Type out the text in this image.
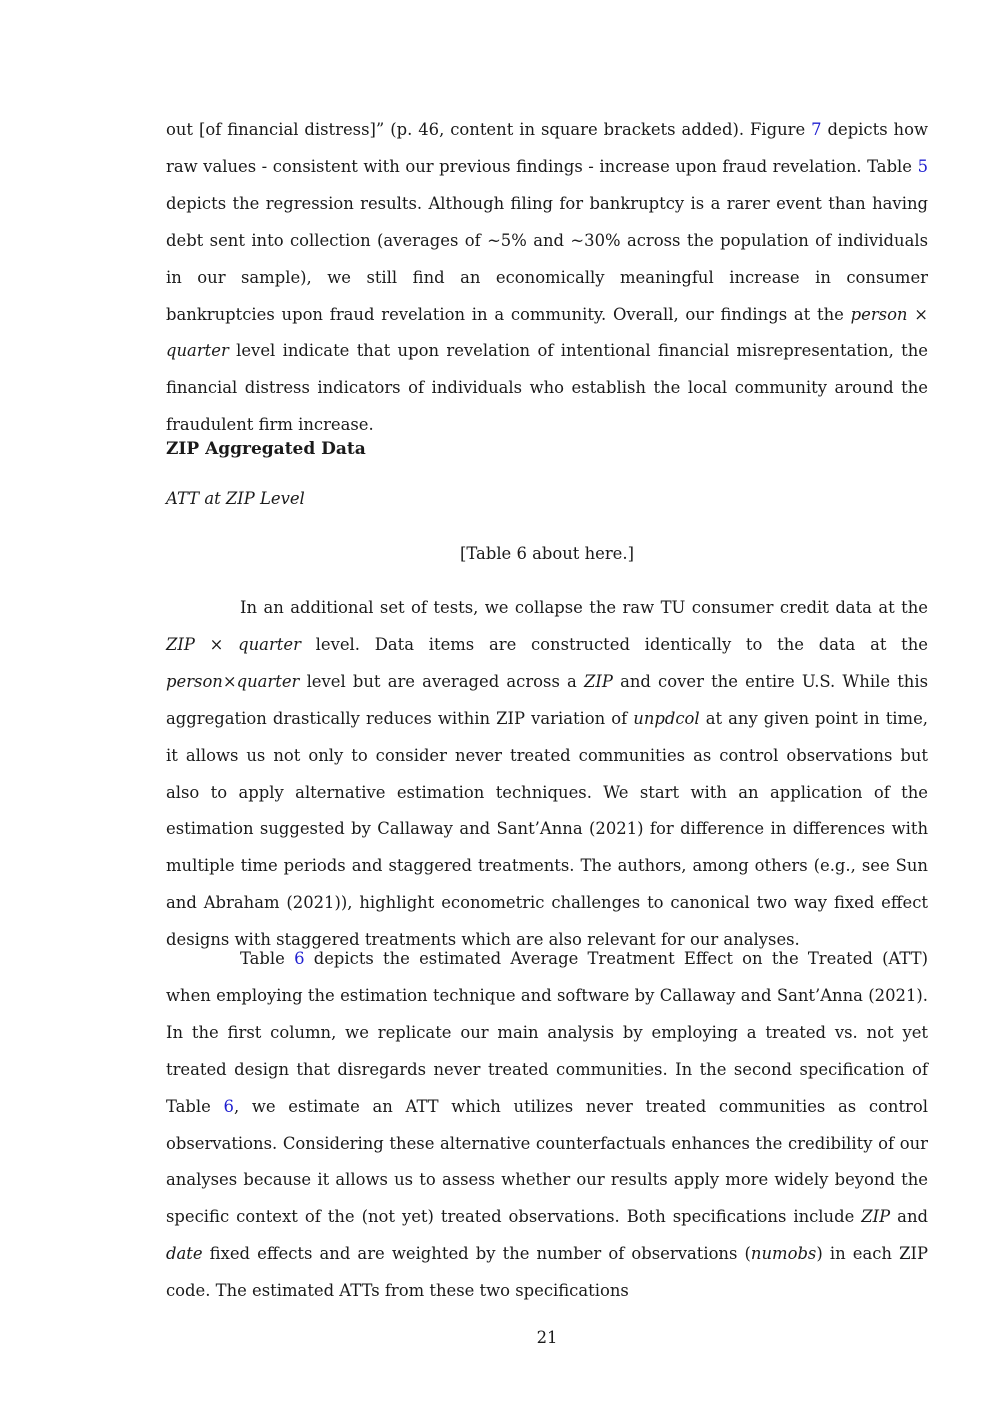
out [of financial distress]” (p. 46, content in square brackets added). Figure 7 depicts how raw values - consistent with our previous findings - increase upon fraud revelation. Table 5 depicts the regression results. Although filing for bankruptcy is a rarer event than having debt sent into collection (averages of ~5% and ~30% across the population of individuals in our sample), we still find an economically meaningful increase in consumer bankruptcies upon fraud revelation in a community. Overall, our findings at the person × quarter level indicate that upon revelation of intentional financial misrepresentation, the financial distress indicators of individuals who establish the local community around the fraudulent firm increase.

ZIP Aggregated Data
ATT at ZIP Level
[Table 6 about here.]

In an additional set of tests, we collapse the raw TU consumer credit data at the ZIP × quarter level. Data items are constructed identically to the data at the person×quarter level but are averaged across a ZIP and cover the entire U.S. While this aggregation drastically reduces within ZIP variation of unpdcol at any given point in time, it allows us not only to consider never treated communities as control observations but also to apply alternative estimation techniques. We start with an application of the estimation suggested by Callaway and Sant’Anna (2021) for difference in differences with multiple time periods and staggered treatments. The authors, among others (e.g., see Sun and Abraham (2021)), highlight econometric challenges to canonical two way fixed effect designs with staggered treatments which are also relevant for our analyses.

Table 6 depicts the estimated Average Treatment Effect on the Treated (ATT) when employing the estimation technique and software by Callaway and Sant’Anna (2021). In the first column, we replicate our main analysis by employing a treated vs. not yet treated design that disregards never treated communities. In the second specification of Table 6, we estimate an ATT which utilizes never treated communities as control observations. Considering these alternative counterfactuals enhances the credibility of our analyses because it allows us to assess whether our results apply more widely beyond the specific context of the (not yet) treated observations. Both specifications include ZIP and date fixed effects and are weighted by the number of observations (numobs) in each ZIP code. The estimated ATTs from these two specifications

21
